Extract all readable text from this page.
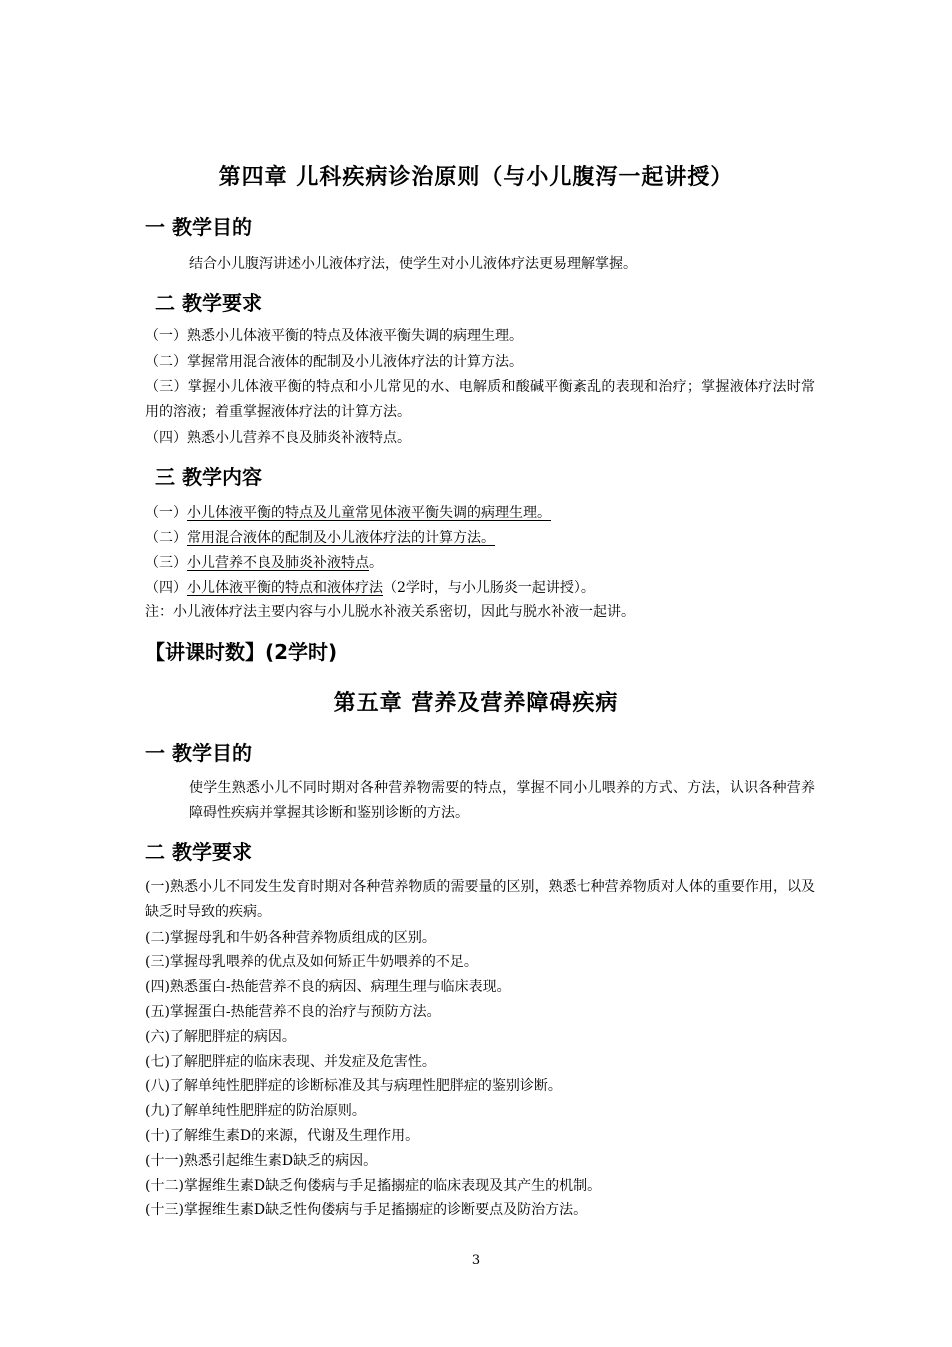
第四章 儿科疾病诊治原则（与小儿腹泻一起讲授）
一 教学目的
结合小儿腹泻讲述小儿液体疗法，使学生对小儿液体疗法更易理解掌握。
二 教学要求
（一）熟悉小儿体液平衡的特点及体液平衡失调的病理生理。
（二）掌握常用混合液体的配制及小儿液体疗法的计算方法。
（三）掌握小儿体液平衡的特点和小儿常见的水、电解质和酸碱平衡紊乱的表现和治疗；掌握液体疗法时常用的溶液；着重掌握液体疗法的计算方法。
（四）熟悉小儿营养不良及肺炎补液特点。
三 教学内容
（一）小儿体液平衡的特点及儿童常见体液平衡失调的病理生理。
（二）常用混合液体的配制及小儿液体疗法的计算方法。
（三）小儿营养不良及肺炎补液特点。
（四）小儿体液平衡的特点和液体疗法（2学时，与小儿肠炎一起讲授）。
注：小儿液体疗法主要内容与小儿脱水补液关系密切，因此与脱水补液一起讲。
【讲课时数】(2学时)
第五章 营养及营养障碍疾病
一 教学目的
使学生熟悉小儿不同时期对各种营养物需要的特点，掌握不同小儿喂养的方式、方法，认识各种营养障碍性疾病并掌握其诊断和鉴别诊断的方法。
二 教学要求
(一)熟悉小儿不同发生发育时期对各种营养物质的需要量的区别，熟悉七种营养物质对人体的重要作用，以及缺乏时导致的疾病。
(二)掌握母乳和牛奶各种营养物质组成的区别。
(三)掌握母乳喂养的优点及如何矫正牛奶喂养的不足。
(四)熟悉蛋白-热能营养不良的病因、病理生理与临床表现。
(五)掌握蛋白-热能营养不良的治疗与预防方法。
(六)了解肥胖症的病因。
(七)了解肥胖症的临床表现、并发症及危害性。
(八)了解单纯性肥胖症的诊断标准及其与病理性肥胖症的鉴别诊断。
(九)了解单纯性肥胖症的防治原则。
(十)了解维生素D的来源，代谢及生理作用。
(十一)熟悉引起维生素D缺乏的病因。
(十二)掌握维生素D缺乏佝偻病与手足搐搦症的临床表现及其产生的机制。
(十三)掌握维生素D缺乏性佝偻病与手足搐搦症的诊断要点及防治方法。
3
